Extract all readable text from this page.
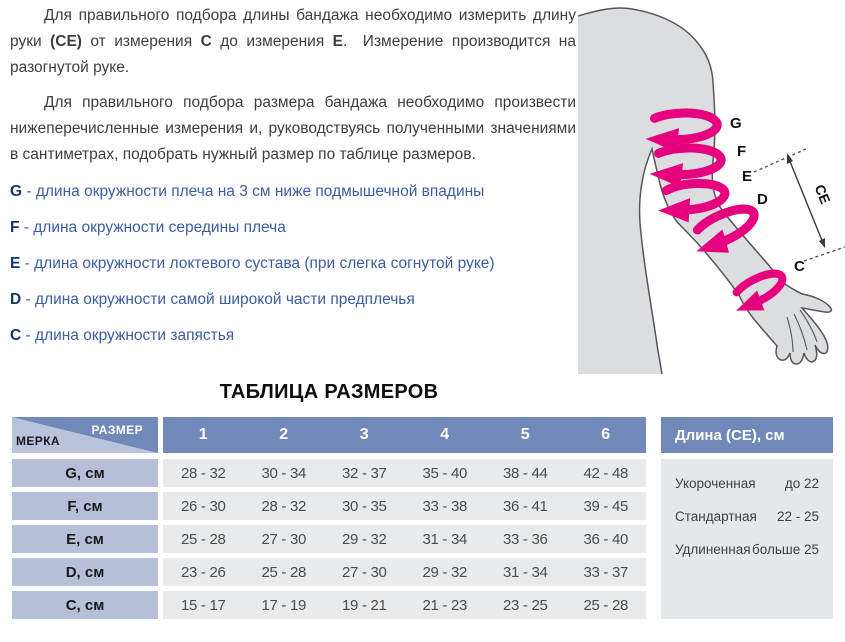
Для правильного подбора длины бандажа необходимо измерить длину руки (CE) от измерения C до измерения E.  Измерение производится на разогнутой руке.

Для правильного подбора размера бандажа необходимо произвести нижеперечисленные измерения и, руководствуясь полученными значениями в сантиметрах, подобрать нужный размер по таблице размеров.

G - длина окружности плеча на 3 см ниже подмышечной впадины
F - длина окружности середины плеча
E - длина окружности локтевого сустава (при слегка согнутой руке)
D - длина окружности самой широкой части предплечья
C - длина окружности запястья
G
F
E
D
C
CE
ТАБЛИЦА РАЗМЕРОВ
РАЗМЕР
МЕРКА	1	2	3	4	5	6
G, см	28 - 32	30 - 34	32 - 37	35 - 40	38 - 44	42 - 48
F, см	26 - 30	28 - 32	30 - 35	33 - 38	36 - 41	39 - 45
E, см	25 - 28	27 - 30	29 - 32	31 - 34	33 - 36	36 - 40
D, см	23 - 26	25 - 28	27 - 30	29 - 32	31 - 34	33 - 37
C, см	15 - 17	17 - 19	19 - 21	21 - 23	23 - 25	25 - 28
Длина (CE), см
Укороченная до 22
Стандартная 22 - 25
Удлиненная больше 25
